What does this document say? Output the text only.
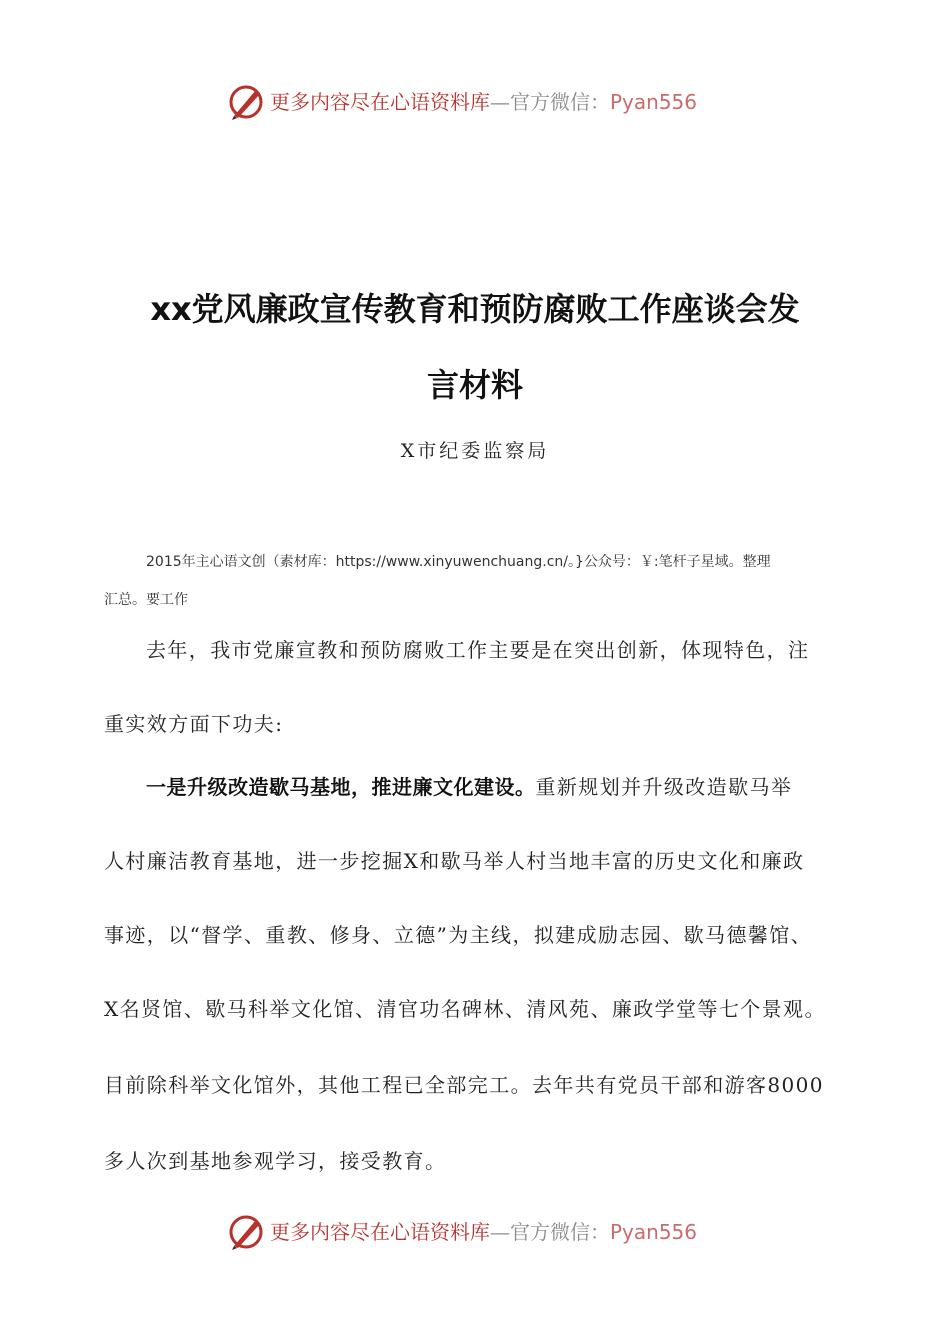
更多内容尽在心语资料库—官方微信：Pyan556
xx党风廉政宣传教育和预防腐败工作座谈会发
言材料
X市纪委监察局
2015年主心语文创（素材库：https://www.xinyuwenchuang.cn/。}公众号：￥:笔杆子星域。整理
汇总。要工作
去年，我市党廉宣教和预防腐败工作主要是在突出创新，体现特色，注
重实效方面下功夫:
一是升级改造歇马基地，推进廉文化建设。重新规划并升级改造歇马举
人村廉洁教育基地，进一步挖掘X和歇马举人村当地丰富的历史文化和廉政
事迹，以“督学、重教、修身、立德”为主线，拟建成励志园、歇马德馨馆、
X名贤馆、歇马科举文化馆、清官功名碑林、清风苑、廉政学堂等七个景观。
目前除科举文化馆外，其他工程已全部完工。去年共有党员干部和游客8000
多人次到基地参观学习，接受教育。
更多内容尽在心语资料库—官方微信：Pyan556
